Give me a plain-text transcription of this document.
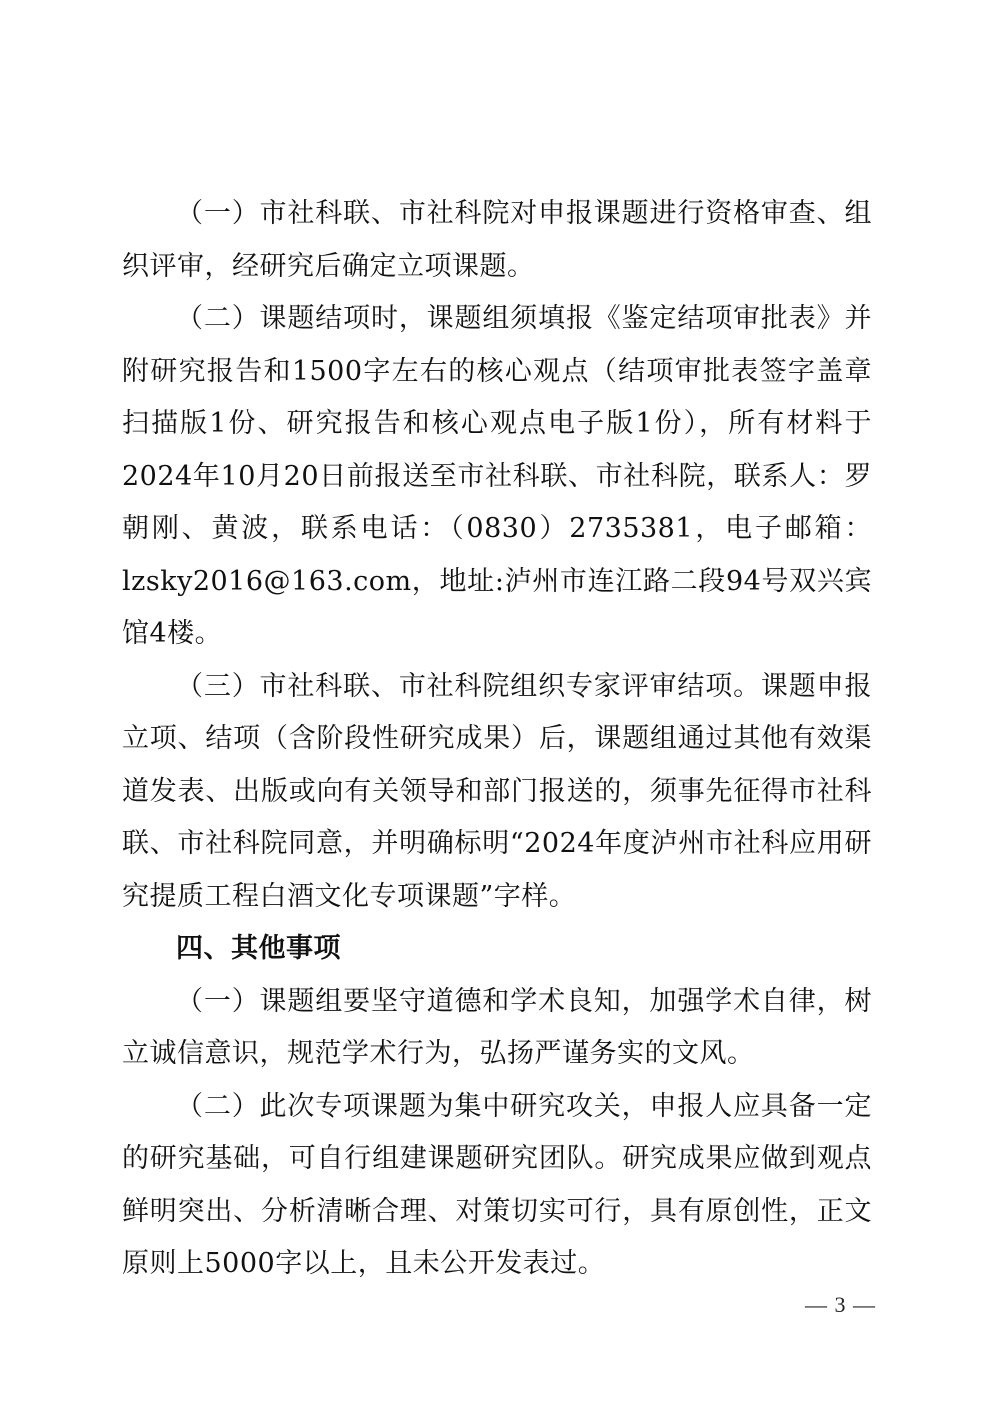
（一）市社科联、市社科院对申报课题进行资格审查、组织评审，经研究后确定立项课题。

（二）课题结项时，课题组须填报《鉴定结项审批表》并附研究报告和1500字左右的核心观点（结项审批表签字盖章扫描版1份、研究报告和核心观点电子版1份），所有材料于2024年10月20日前报送至市社科联、市社科院，联系人：罗朝刚、黄波，联系电话：（0830）2735381，电子邮箱：lzsky2016@163.com，地址:泸州市连江路二段94号双兴宾馆4楼。

（三）市社科联、市社科院组织专家评审结项。课题申报立项、结项（含阶段性研究成果）后，课题组通过其他有效渠道发表、出版或向有关领导和部门报送的，须事先征得市社科联、市社科院同意，并明确标明“2024年度泸州市社科应用研究提质工程白酒文化专项课题”字样。

四、其他事项

（一）课题组要坚守道德和学术良知，加强学术自律，树立诚信意识，规范学术行为，弘扬严谨务实的文风。

（二）此次专项课题为集中研究攻关，申报人应具备一定的研究基础，可自行组建课题研究团队。研究成果应做到观点鲜明突出、分析清晰合理、对策切实可行，具有原创性，正文原则上5000字以上，且未公开发表过。

— 3 —
